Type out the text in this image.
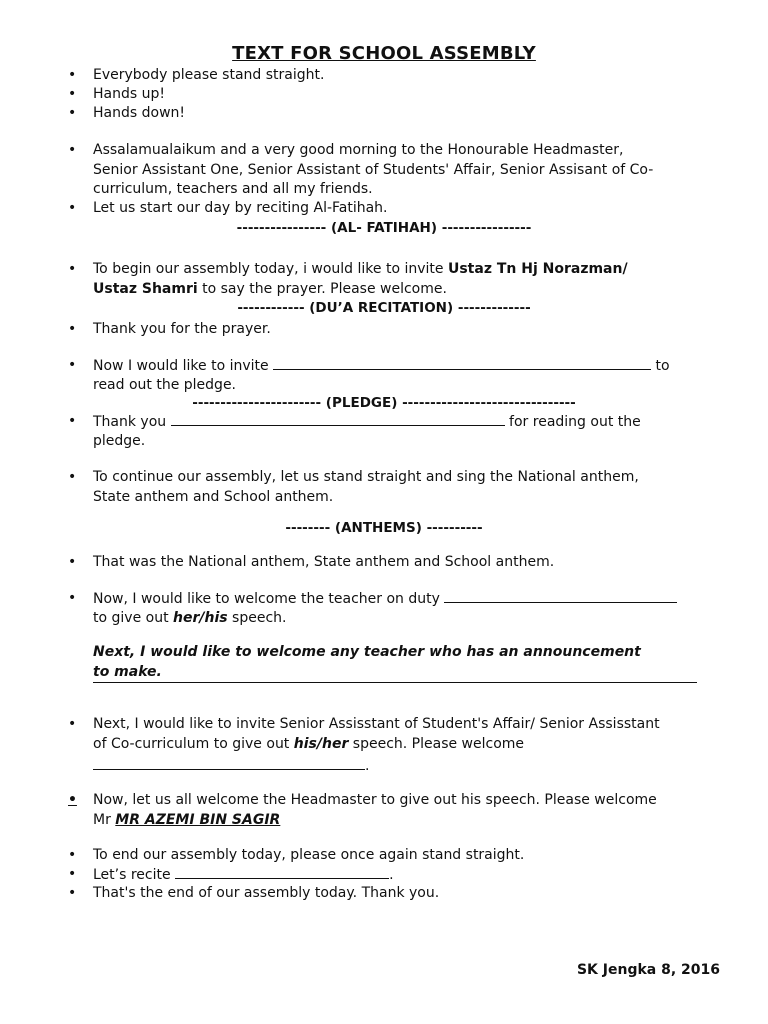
TEXT FOR SCHOOL ASSEMBLY
• Everybody please stand straight.
• Hands up!
• Hands down!
• Assalamualaikum and a very good morning to the Honourable Headmaster,
Senior Assistant One, Senior Assistant of Students' Affair, Senior Assisant of Co-
curriculum, teachers and all my friends.
• Let us start our day by reciting Al-Fatihah.
---------------- (AL- FATIHAH) ----------------
• To begin our assembly today, i would like to invite Ustaz Tn Hj Norazman/
Ustaz Shamri to say the prayer. Please welcome.
------------ (DU’A RECITATION) -------------
• Thank you for the prayer.
• Now I would like to invite	to
read out the pledge.
----------------------- (PLEDGE) -------------------------------
• Thank you	for reading out the
pledge.
• To continue our assembly, let us stand straight and sing the National anthem,
State anthem and School anthem.
-------- (ANTHEMS) ----------
• That was the National anthem, State anthem and School anthem.
• Now, I would like to welcome the teacher on duty
to give out her/his speech.
Next, I would like to welcome any teacher who has an announcement
to make.
• Next, I would like to invite Senior Assisstant of Student's Affair/ Senior Assisstant
of Co-curriculum to give out his/her speech. Please welcome
.
• Now, let us all welcome the Headmaster to give out his speech. Please welcome
Mr MR AZEMI BIN SAGIR
• To end our assembly today, please once again stand straight.
• Let’s recite	.
• That's the end of our assembly today. Thank you.
SK Jengka 8, 2016
